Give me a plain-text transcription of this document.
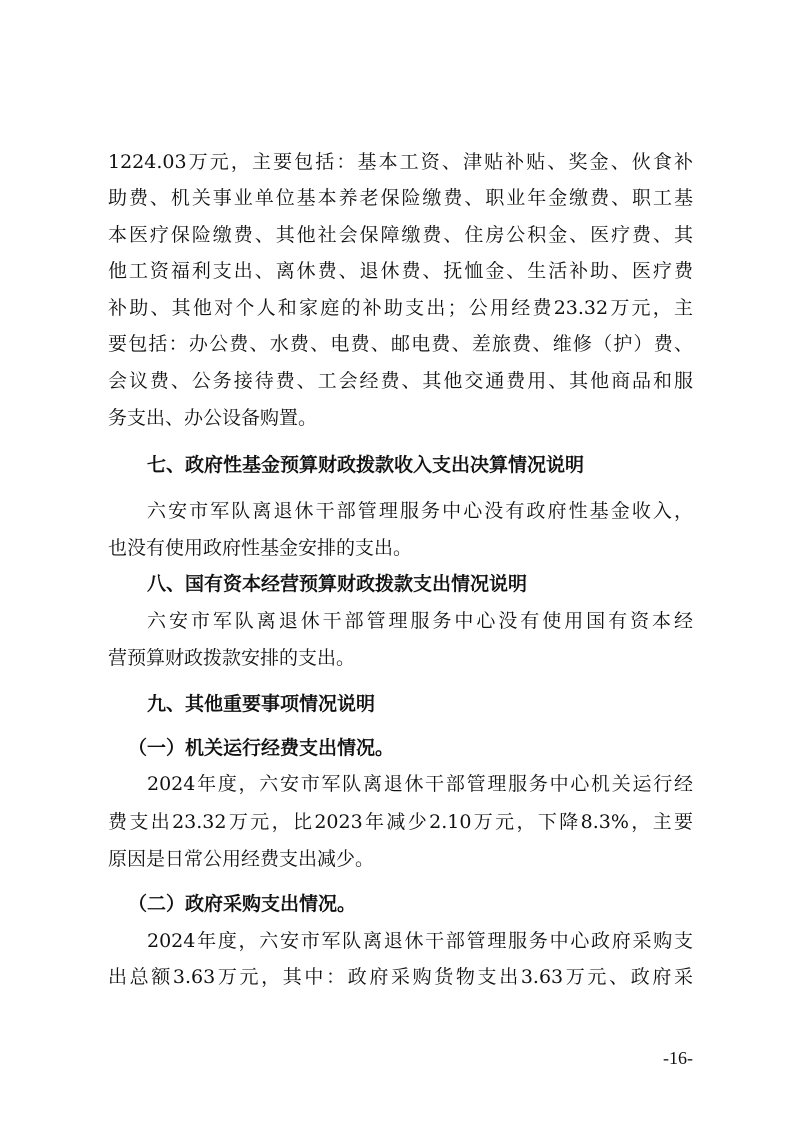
1224.03万元，主要包括：基本工资、津贴补贴、奖金、伙食补
助费、机关事业单位基本养老保险缴费、职业年金缴费、职工基
本医疗保险缴费、其他社会保障缴费、住房公积金、医疗费、其
他工资福利支出、离休费、退休费、抚恤金、生活补助、医疗费
补助、其他对个人和家庭的补助支出；公用经费23.32万元，主
要包括：办公费、水费、电费、邮电费、差旅费、维修（护）费、
会议费、公务接待费、工会经费、其他交通费用、其他商品和服
务支出、办公设备购置。
七、政府性基金预算财政拨款收入支出决算情况说明
六安市军队离退休干部管理服务中心没有政府性基金收入，
也没有使用政府性基金安排的支出。
八、国有资本经营预算财政拨款支出情况说明
六安市军队离退休干部管理服务中心没有使用国有资本经
营预算财政拨款安排的支出。
九、其他重要事项情况说明
（一）机关运行经费支出情况。
2024年度，六安市军队离退休干部管理服务中心机关运行经
费支出23.32万元，比2023年减少2.10万元，下降8.3%，主要
原因是日常公用经费支出减少。
（二）政府采购支出情况。
2024年度，六安市军队离退休干部管理服务中心政府采购支
出总额3.63万元，其中：政府采购货物支出3.63万元、政府采
-16-
